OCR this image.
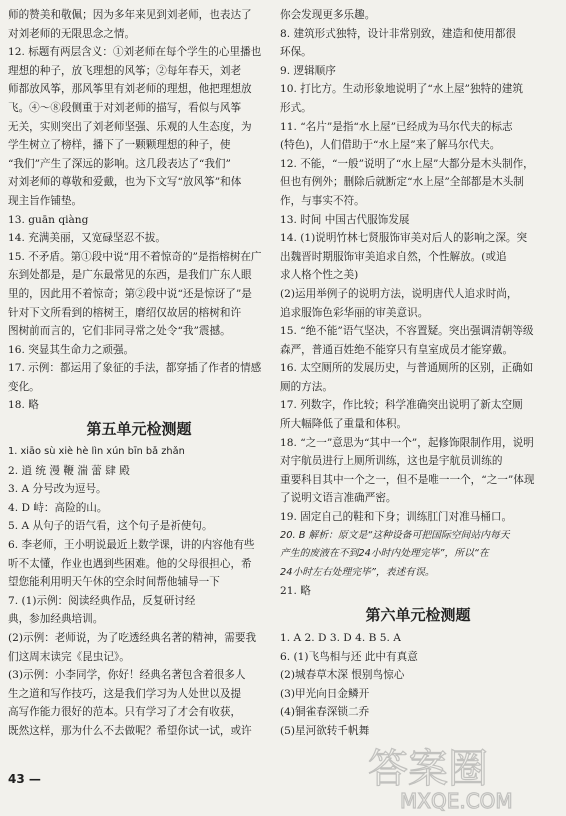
师的赞美和敬佩；因为多年来见到刘老师，也表达了
对刘老师的无限思念之情。
12. 标题有两层含义：①刘老师在每个学生的心里播也
理想的种子，放飞理想的风筝；②每年春天，刘老
师都放风筝，那风筝里有刘老师的理想，他把理想放
飞。④～⑧段侧重于对刘老师的描写，看似与风筝
无关，实则突出了刘老师坚强、乐观的人生态度，为
学生树立了榜样，播下了一颗颗理想的种子，使
“我们”产生了深远的影响。这几段表达了“我们”
对刘老师的尊敬和爱戴，也为下文写“放风筝”和体
现主旨作铺垫。
13. guān qiàng
14. 充满美丽，又宽碌坚忍不拔。
15. 不矛盾。第①段中说“用不着惊奇的”是指榕树在广
东到处都是，是广东最常见的东西，是我们广东人眼
里的，因此用不着惊奇；第②段中说“还是惊讶了”是
针对下文所看到的榕树王，磨绍仅故居的榕树和许
图树前而言的，它们非同寻常之处令“我”震撼。
16. 突显其生命力之顽强。
17. 示例：都运用了象征的手法，都穿插了作者的情感
变化。
18. 略
第五单元检测题
1. xiāo sù xiè hè lìn xún bīn bǎ zhǎn
2. 逍 统 漫 鞭 湍 蕾 肆 殿
3. A 分号改为逗号。
4. D 峙：高险的山。
5. A 从句子的语气看，这个句子是祈使句。
6. 李老师，王小明说最近上数学课，讲的内容他有些
听不太懂，作业也遇到些困难。他的父母很担心，希
望您能利用明天午休的空余时间帮他辅导一下
7. (1)示例：阅读经典作品，反复研讨经
典，参加经典培训。
(2)示例：老师说，为了吃透经典名著的精神，需要我
们这周末读完《昆虫记》。
(3)示例：小李同学，你好！经典名著包含着很多人
生之道和写作技巧，这是我们学习为人处世以及提
高写作能力很好的范本。只有学习了才会有收获，
既然这样，那为什么不去做呢？希望你试一试，或许
你会发现更多乐趣。
8. 建筑形式独特，设计非常别致，建造和使用都很
环保。
9. 逻辑顺序
10. 打比方。生动形象地说明了“水上屋”独特的建筑
形式。
11. “名片”是指“水上屋”已经成为马尔代夫的标志
(特色)，人们借助于“水上屋”来了解马尔代夫。
12. 不能，“一般”说明了“水上屋”大都分是木头制作，
但也有例外；删除后就断定“水上屋”全部都是木头制
作，与事实不符。
13. 时间 中国古代服饰发展
14. (1)说明竹林七贤服饰审美对后人的影响之深。突
出魏晋时期服饰审美追求自然，个性解放。(或追
求人格个性之美)
(2)运用举例子的说明方法，说明唐代人追求时尚，
追求服饰色彩华丽的审美意识。
15. “绝不能”语气坚决，不容置疑。突出强调清朝等级
森严，普通百姓绝不能穿只有皇室成员才能穿戴。
16. 太空厕所的发展历史，与普通厕所的区别，正确如
厕的方法。
17. 列数字，作比较；科学准确突出说明了新太空厕
所大幅降低了重量和体积。
18. “之一”意思为“其中一个”，起修饰限制作用，说明
对宇航员进行上厕所训练，这也是宇航员训练的
重要科目其中一个之一，但不是唯一一个，“之一”体现
了说明文语言准确严密。
19. 固定自己的鞋和下身；训练肛门对准马桶口。
20. B 解析：原文是“这种设备可把国际空间站内每天
产生的废液在不到24小时内处理完毕”，所以“在
24小时左右处理完毕”，表述有误。
21. 略
第六单元检测题
1. A 2. D 3. D 4. B 5. A
6. (1)飞鸟相与还 此中有真意
(2)城春草木深 恨别鸟惊心
(3)甲光向日金鳞开
(4)铜雀春深锁二乔
(5)星河欲转千帆舞
43 —	答案圈
MXQE.COM
